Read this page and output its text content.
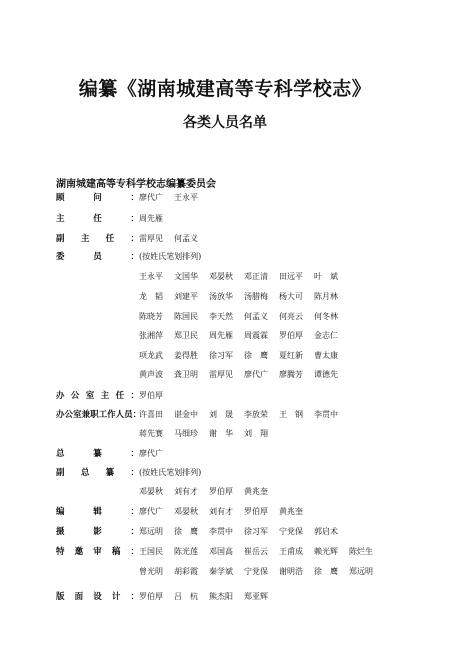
编纂《湖南城建高等专科学校志》
各类人员名单
湖南城建高等专科学校志编纂委员会
顾	问	： 廖代广	王永平
主	任	： 周先雁
副 主 任 ： 雷厚见	何孟义
委	员	： (按姓氏笔划排列)
王永平	文国华	邓晏秋	邓正清	田远平	叶　斌
龙　韬	刘建平	汤放华	汤腊梅	杨大可	陈月林
陈晓芳	陈国民	李天然	何孟义	何亮云	何冬林
张湘萍	郑卫民	周先雁	周震霖	罗伯厚	金志仁
项龙武	姜得胜	徐习军	徐　鹰	夏红新	曹太康
黄声波	龚卫明	雷厚见	廖代广	廖腾芳	谭德先
办 公 室 主 任 ： 罗伯厚
办 公 室 兼 职 工 作 人 员 ：
许喜田	谌金中	刘　晟	李放荣	王　钢	李贯中
蒋先赛	马细珍	谢　华	刘　翔
总	纂	： 廖代广
副 总 纂 ： (按姓氏笔划排列)
邓晏秋	刘有才	罗伯厚	黄兆奎
编	辑	： 廖代广	邓晏秋	刘有才	罗伯厚	黄兆奎
摄	影	： 郑远明	徐　鹰	李贯中	徐习军	宁党保	郭启术
特 邀 审 稿 ： 王国民	陈光莲	邓国高	崔岳云	王甫成	赖光辉	陈烂生
曾光明	胡彩霞	秦学斌	宁党保	谢明浩	徐　鹰	郑远明
版 面 设 计 ： 罗伯厚	吕　杭	熊杰阳	郑亚辉
